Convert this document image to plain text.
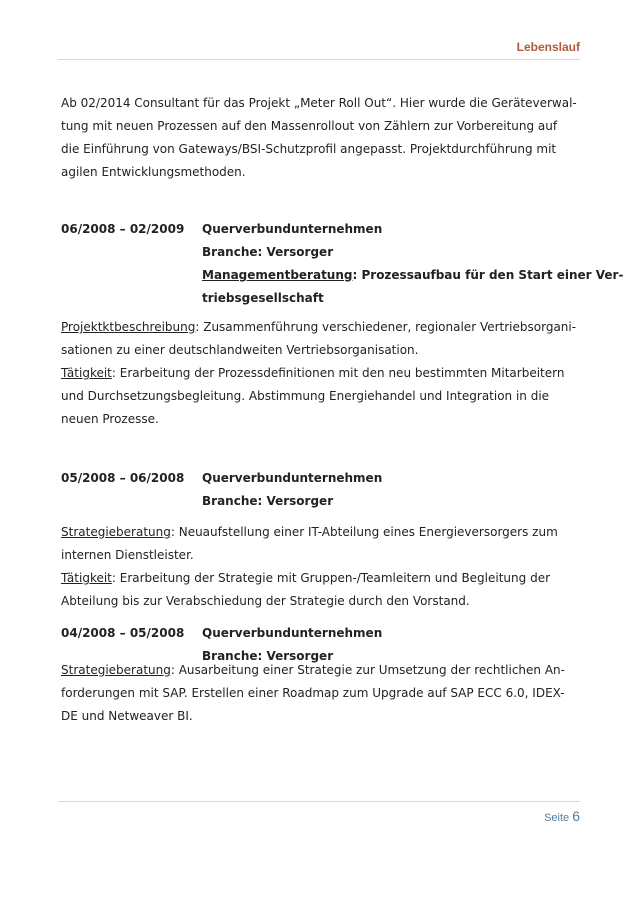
Lebenslauf
Ab 02/2014 Consultant für das Projekt „Meter Roll Out“. Hier wurde die Geräteverwal-
tung mit neuen Prozessen auf den Massenrollout von Zählern zur Vorbereitung auf
die Einführung von Gateways/BSI-Schutzprofil angepasst. Projektdurchführung mit
agilen Entwicklungsmethoden.
06/2008 – 02/2009 Querverbundunternehmen
Branche: Versorger
Managementberatung: Prozessaufbau für den Start einer Ver-
triebsgesellschaft
Projektktbeschreibung: Zusammenführung verschiedener, regionaler Vertriebsorgani-
sationen zu einer deutschlandweiten Vertriebsorganisation.
Tätigkeit: Erarbeitung der Prozessdefinitionen mit den neu bestimmten Mitarbeitern
und Durchsetzungsbegleitung. Abstimmung Energiehandel und Integration in die
neuen Prozesse.
05/2008 – 06/2008 Querverbundunternehmen
Branche: Versorger
Strategieberatung: Neuaufstellung einer IT-Abteilung eines Energieversorgers zum
internen Dienstleister.
Tätigkeit: Erarbeitung der Strategie mit Gruppen-/Teamleitern und Begleitung der
Abteilung bis zur Verabschiedung der Strategie durch den Vorstand.
04/2008 – 05/2008 Querverbundunternehmen
Branche: Versorger
Strategieberatung: Ausarbeitung einer Strategie zur Umsetzung der rechtlichen An-
forderungen mit SAP. Erstellen einer Roadmap zum Upgrade auf SAP ECC 6.0, IDEX-
DE und Netweaver BI.
Seite 6
